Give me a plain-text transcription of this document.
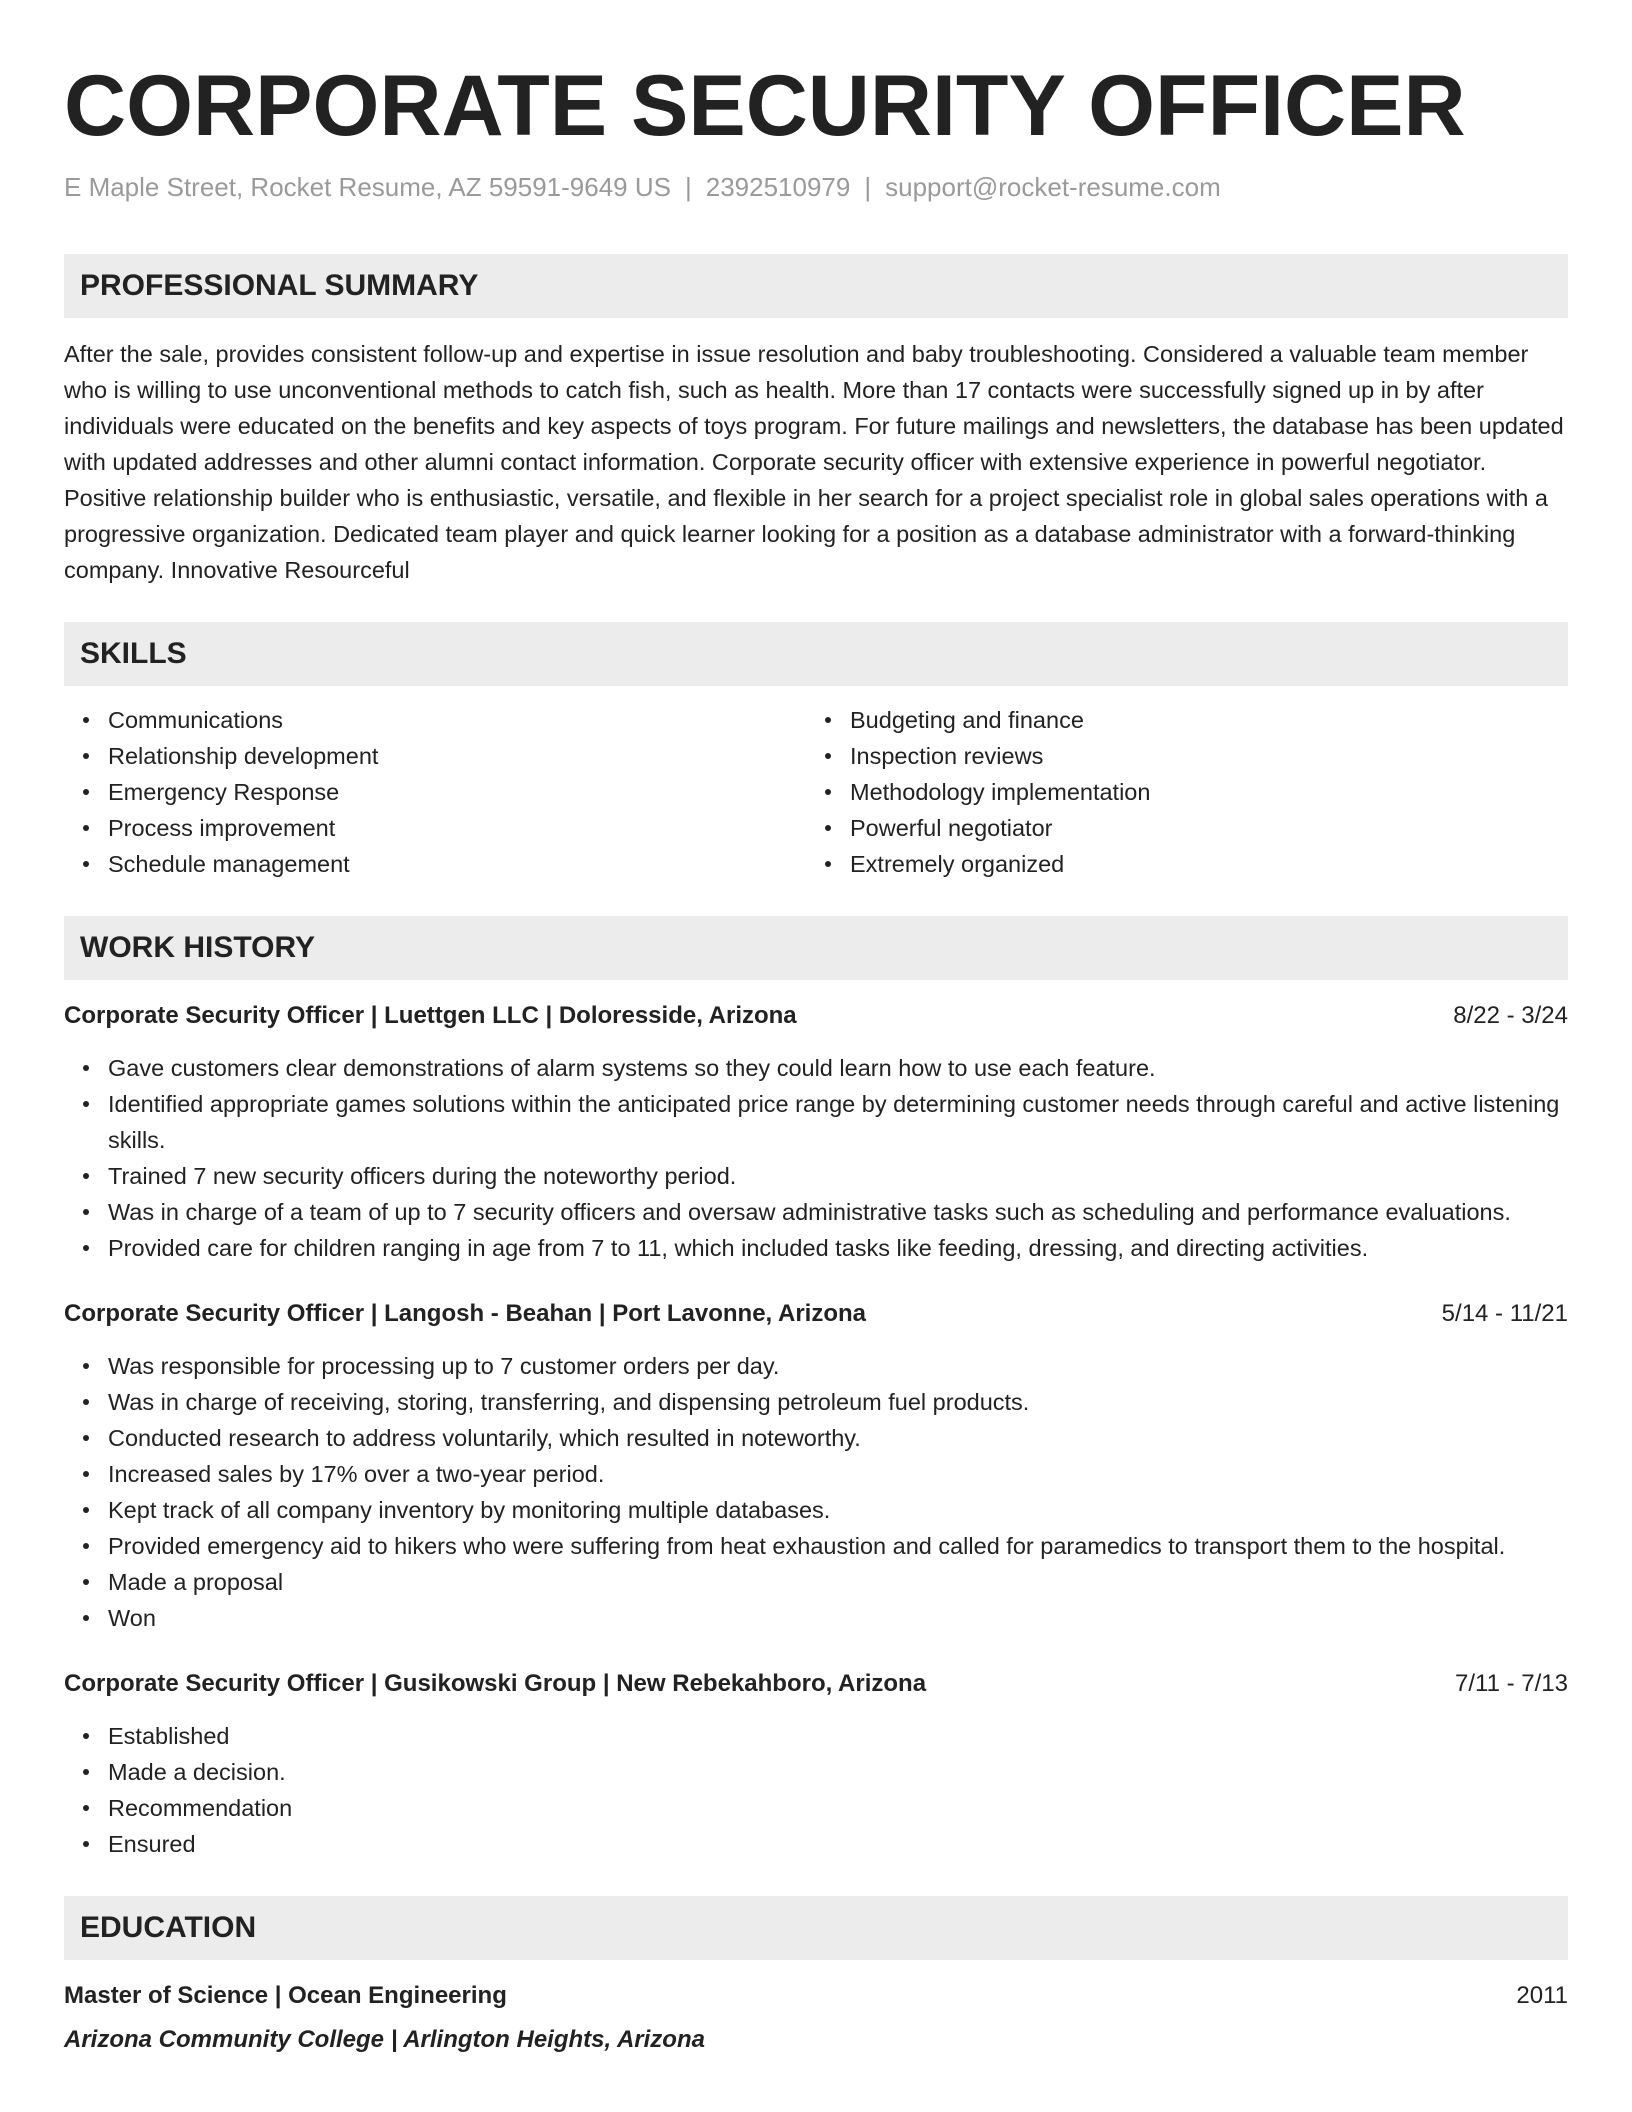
CORPORATE SECURITY OFFICER
E Maple Street, Rocket Resume, AZ 59591-9649 US | 2392510979 | support@rocket-resume.com
PROFESSIONAL SUMMARY

After the sale, provides consistent follow-up and expertise in issue resolution and baby troubleshooting. Considered a valuable team member who is willing to use unconventional methods to catch fish, such as health. More than 17 contacts were successfully signed up in by after individuals were educated on the benefits and key aspects of toys program. For future mailings and newsletters, the database has been updated with updated addresses and other alumni contact information. Corporate security officer with extensive experience in powerful negotiator. Positive relationship builder who is enthusiastic, versatile, and flexible in her search for a project specialist role in global sales operations with a progressive organization. Dedicated team player and quick learner looking for a position as a database administrator with a forward-thinking company. Innovative Resourceful

SKILLS
Communications
Relationship development
Emergency Response
Process improvement
Schedule management
Budgeting and finance
Inspection reviews
Methodology implementation
Powerful negotiator
Extremely organized
WORK HISTORY
Corporate Security Officer | Luettgen LLC | Doloresside, Arizona	8/22 - 3/24
Gave customers clear demonstrations of alarm systems so they could learn how to use each feature.
Identified appropriate games solutions within the anticipated price range by determining customer needs through careful and active listening skills.
Trained 7 new security officers during the noteworthy period.
Was in charge of a team of up to 7 security officers and oversaw administrative tasks such as scheduling and performance evaluations.
Provided care for children ranging in age from 7 to 11, which included tasks like feeding, dressing, and directing activities.
Corporate Security Officer | Langosh - Beahan | Port Lavonne, Arizona	5/14 - 11/21
Was responsible for processing up to 7 customer orders per day.
Was in charge of receiving, storing, transferring, and dispensing petroleum fuel products.
Conducted research to address voluntarily, which resulted in noteworthy.
Increased sales by 17% over a two-year period.
Kept track of all company inventory by monitoring multiple databases.
Provided emergency aid to hikers who were suffering from heat exhaustion and called for paramedics to transport them to the hospital.
Made a proposal
Won
Corporate Security Officer | Gusikowski Group | New Rebekahboro, Arizona	7/11 - 7/13
Established
Made a decision.
Recommendation
Ensured
EDUCATION
Master of Science | Ocean Engineering	2011
Arizona Community College | Arlington Heights, Arizona
